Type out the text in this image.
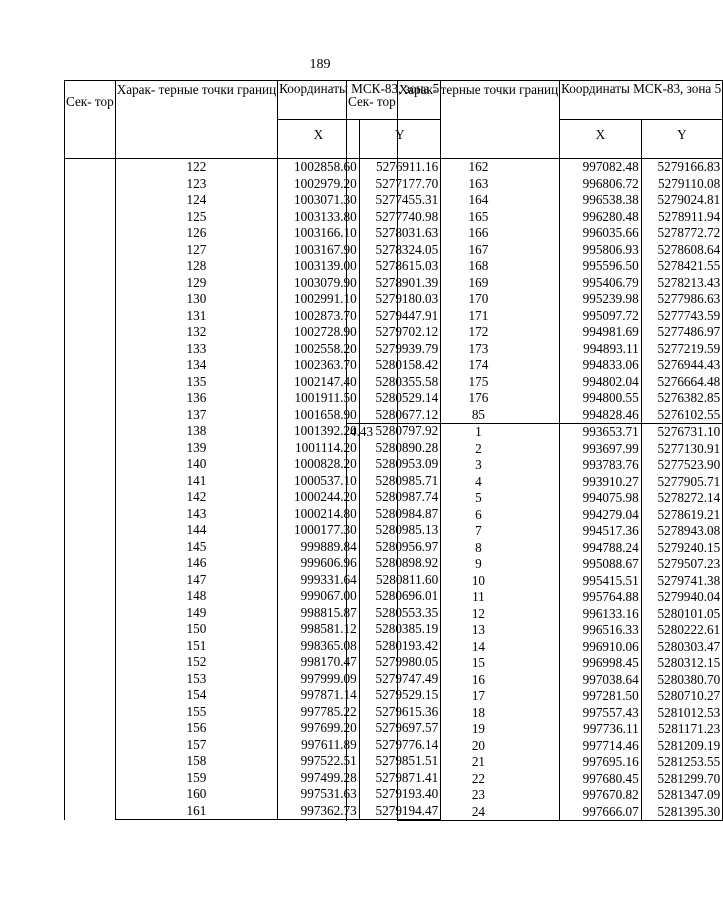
189
Сек- тор	Харак- терные точки границ	Координаты МСК-83, зона 5	
		X	Y
	122	1002858.60	5276911.16
	123	1002979.20	5277177.70
	124	1003071.30	5277455.31
	125	1003133.80	5277740.98
	126	1003166.10	5278031.63
	127	1003167.90	5278324.05
	128	1003139.00	5278615.03
	129	1003079.90	5278901.39
	130	1002991.10	5279180.03
	131	1002873.70	5279447.91
	132	1002728.90	5279702.12
	133	1002558.20	5279939.79
	134	1002363.70	5280158.42
	135	1002147.40	5280355.58
	136	1001911.50	5280529.14
	137	1001658.90	5280677.12
	138	1001392.20	5280797.92
	139	1001114.20	5280890.28
	140	1000828.20	5280953.09
	141	1000537.10	5280985.71
	142	1000244.20	5280987.74
	143	1000214.80	5280984.87
	144	1000177.30	5280985.13
	145	999889.84	5280956.97
	146	999606.96	5280898.92
	147	999331.64	5280811.60
	148	999067.00	5280696.01
	149	998815.87	5280553.35
	150	998581.12	5280385.19
	151	998365.08	5280193.42
	152	998170.47	5279980.05
	153	997999.09	5279747.49
	154	997871.14	5279529.15
	155	997785.22	5279615.36
	156	997699.20	5279697.57
	157	997611.89	5279776.14
	158	997522.51	5279851.51
	159	997499.28	5279871.41
	160	997531.63	5279193.40
	161	997362.73	5279194.47
Сек- тор	Харак- терные точки границ	Координаты МСК-83, зона 5	
		X	Y
	162	997082.48	5279166.83
	163	996806.72	5279110.08
	164	996538.38	5279024.81
	165	996280.48	5278911.94
	166	996035.66	5278772.72
	167	995806.93	5278608.64
	168	995596.50	5278421.55
	169	995406.79	5278213.43
	170	995239.98	5277986.63
	171	995097.72	5277743.59
	172	994981.69	5277486.97
	173	994893.11	5277219.59
	174	994833.06	5276944.43
	175	994802.04	5276664.48
	176	994800.55	5276382.85
	85	994828.46	5276102.55
4.43	1	993653.71	5276731.10
	2	993697.99	5277130.91
	3	993783.76	5277523.90
	4	993910.27	5277905.71
	5	994075.98	5278272.14
	6	994279.04	5278619.21
	7	994517.36	5278943.08
	8	994788.24	5279240.15
	9	995088.67	5279507.23
	10	995415.51	5279741.38
	11	995764.88	5279940.04
	12	996133.16	5280101.05
	13	996516.33	5280222.61
	14	996910.06	5280303.47
	15	996998.45	5280312.15
	16	997038.64	5280380.70
	17	997281.50	5280710.27
	18	997557.43	5281012.53
	19	997736.11	5281171.23
	20	997714.46	5281209.19
	21	997695.16	5281253.55
	22	997680.45	5281299.70
	23	997670.82	5281347.09
	24	997666.07	5281395.30
